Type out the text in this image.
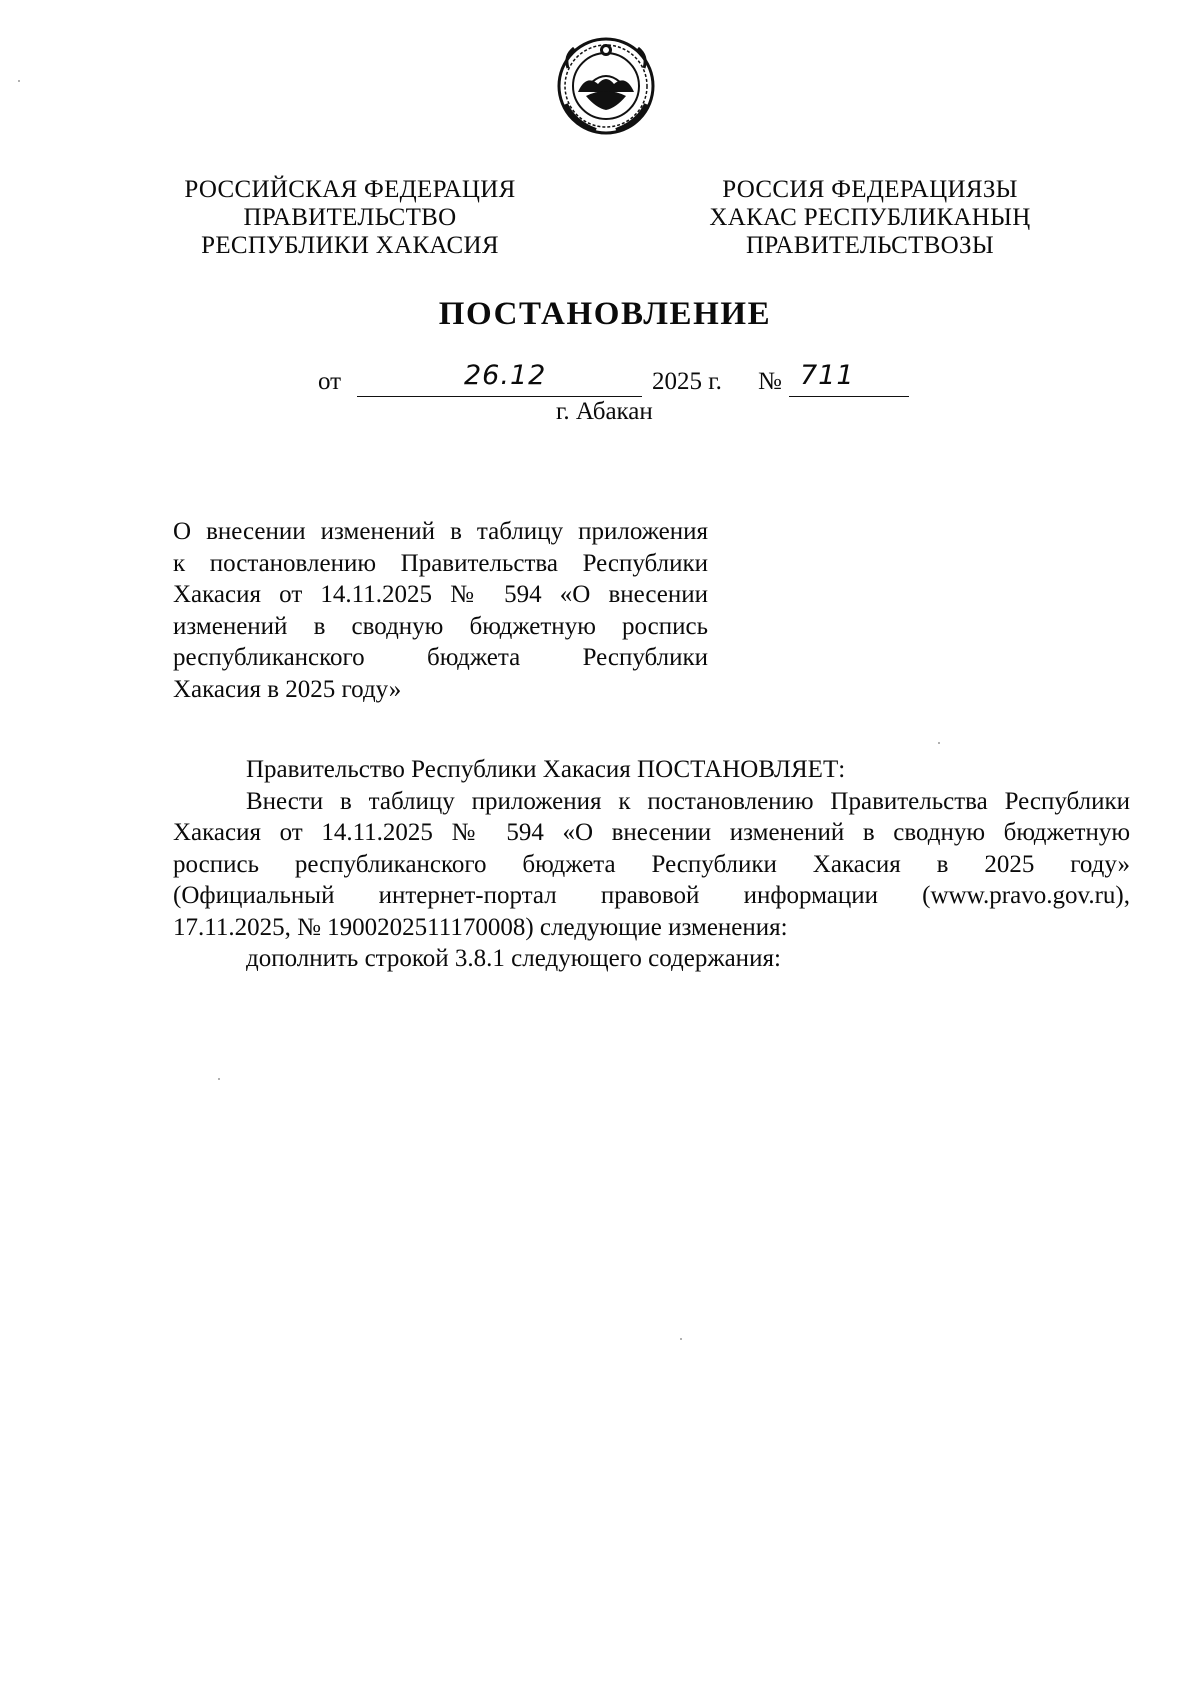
РОССИЙСКАЯ ФЕДЕРАЦИЯ
ПРАВИТЕЛЬСТВО
РЕСПУБЛИКИ ХАКАСИЯ
РОССИЯ ФЕДЕРАЦИЯЗЫ
ХАКАС РЕСПУБЛИКАНЫҢ
ПРАВИТЕЛЬСТВОЗЫ
ПОСТАНОВЛЕНИЕ
от	26.12	2025 г. № 711
г. Абакан
О внесении изменений в таблицу приложения
к постановлению Правительства Республики
Хакасия от 14.11.2025 № 594 «О внесении
изменений в сводную бюджетную роспись
республиканского бюджета Республики
Хакасия в 2025 году»
Правительство Республики Хакасия ПОСТАНОВЛЯЕТ:
Внести в таблицу приложения к постановлению Правительства Республики
Хакасия от 14.11.2025 № 594 «О внесении изменений в сводную бюджетную
роспись республиканского бюджета Республики Хакасия в 2025 году»
(Официальный интернет-портал правовой информации (www.pravo.gov.ru),
17.11.2025, № 1900202511170008) следующие изменения:
дополнить строкой 3.8.1 следующего содержания:
